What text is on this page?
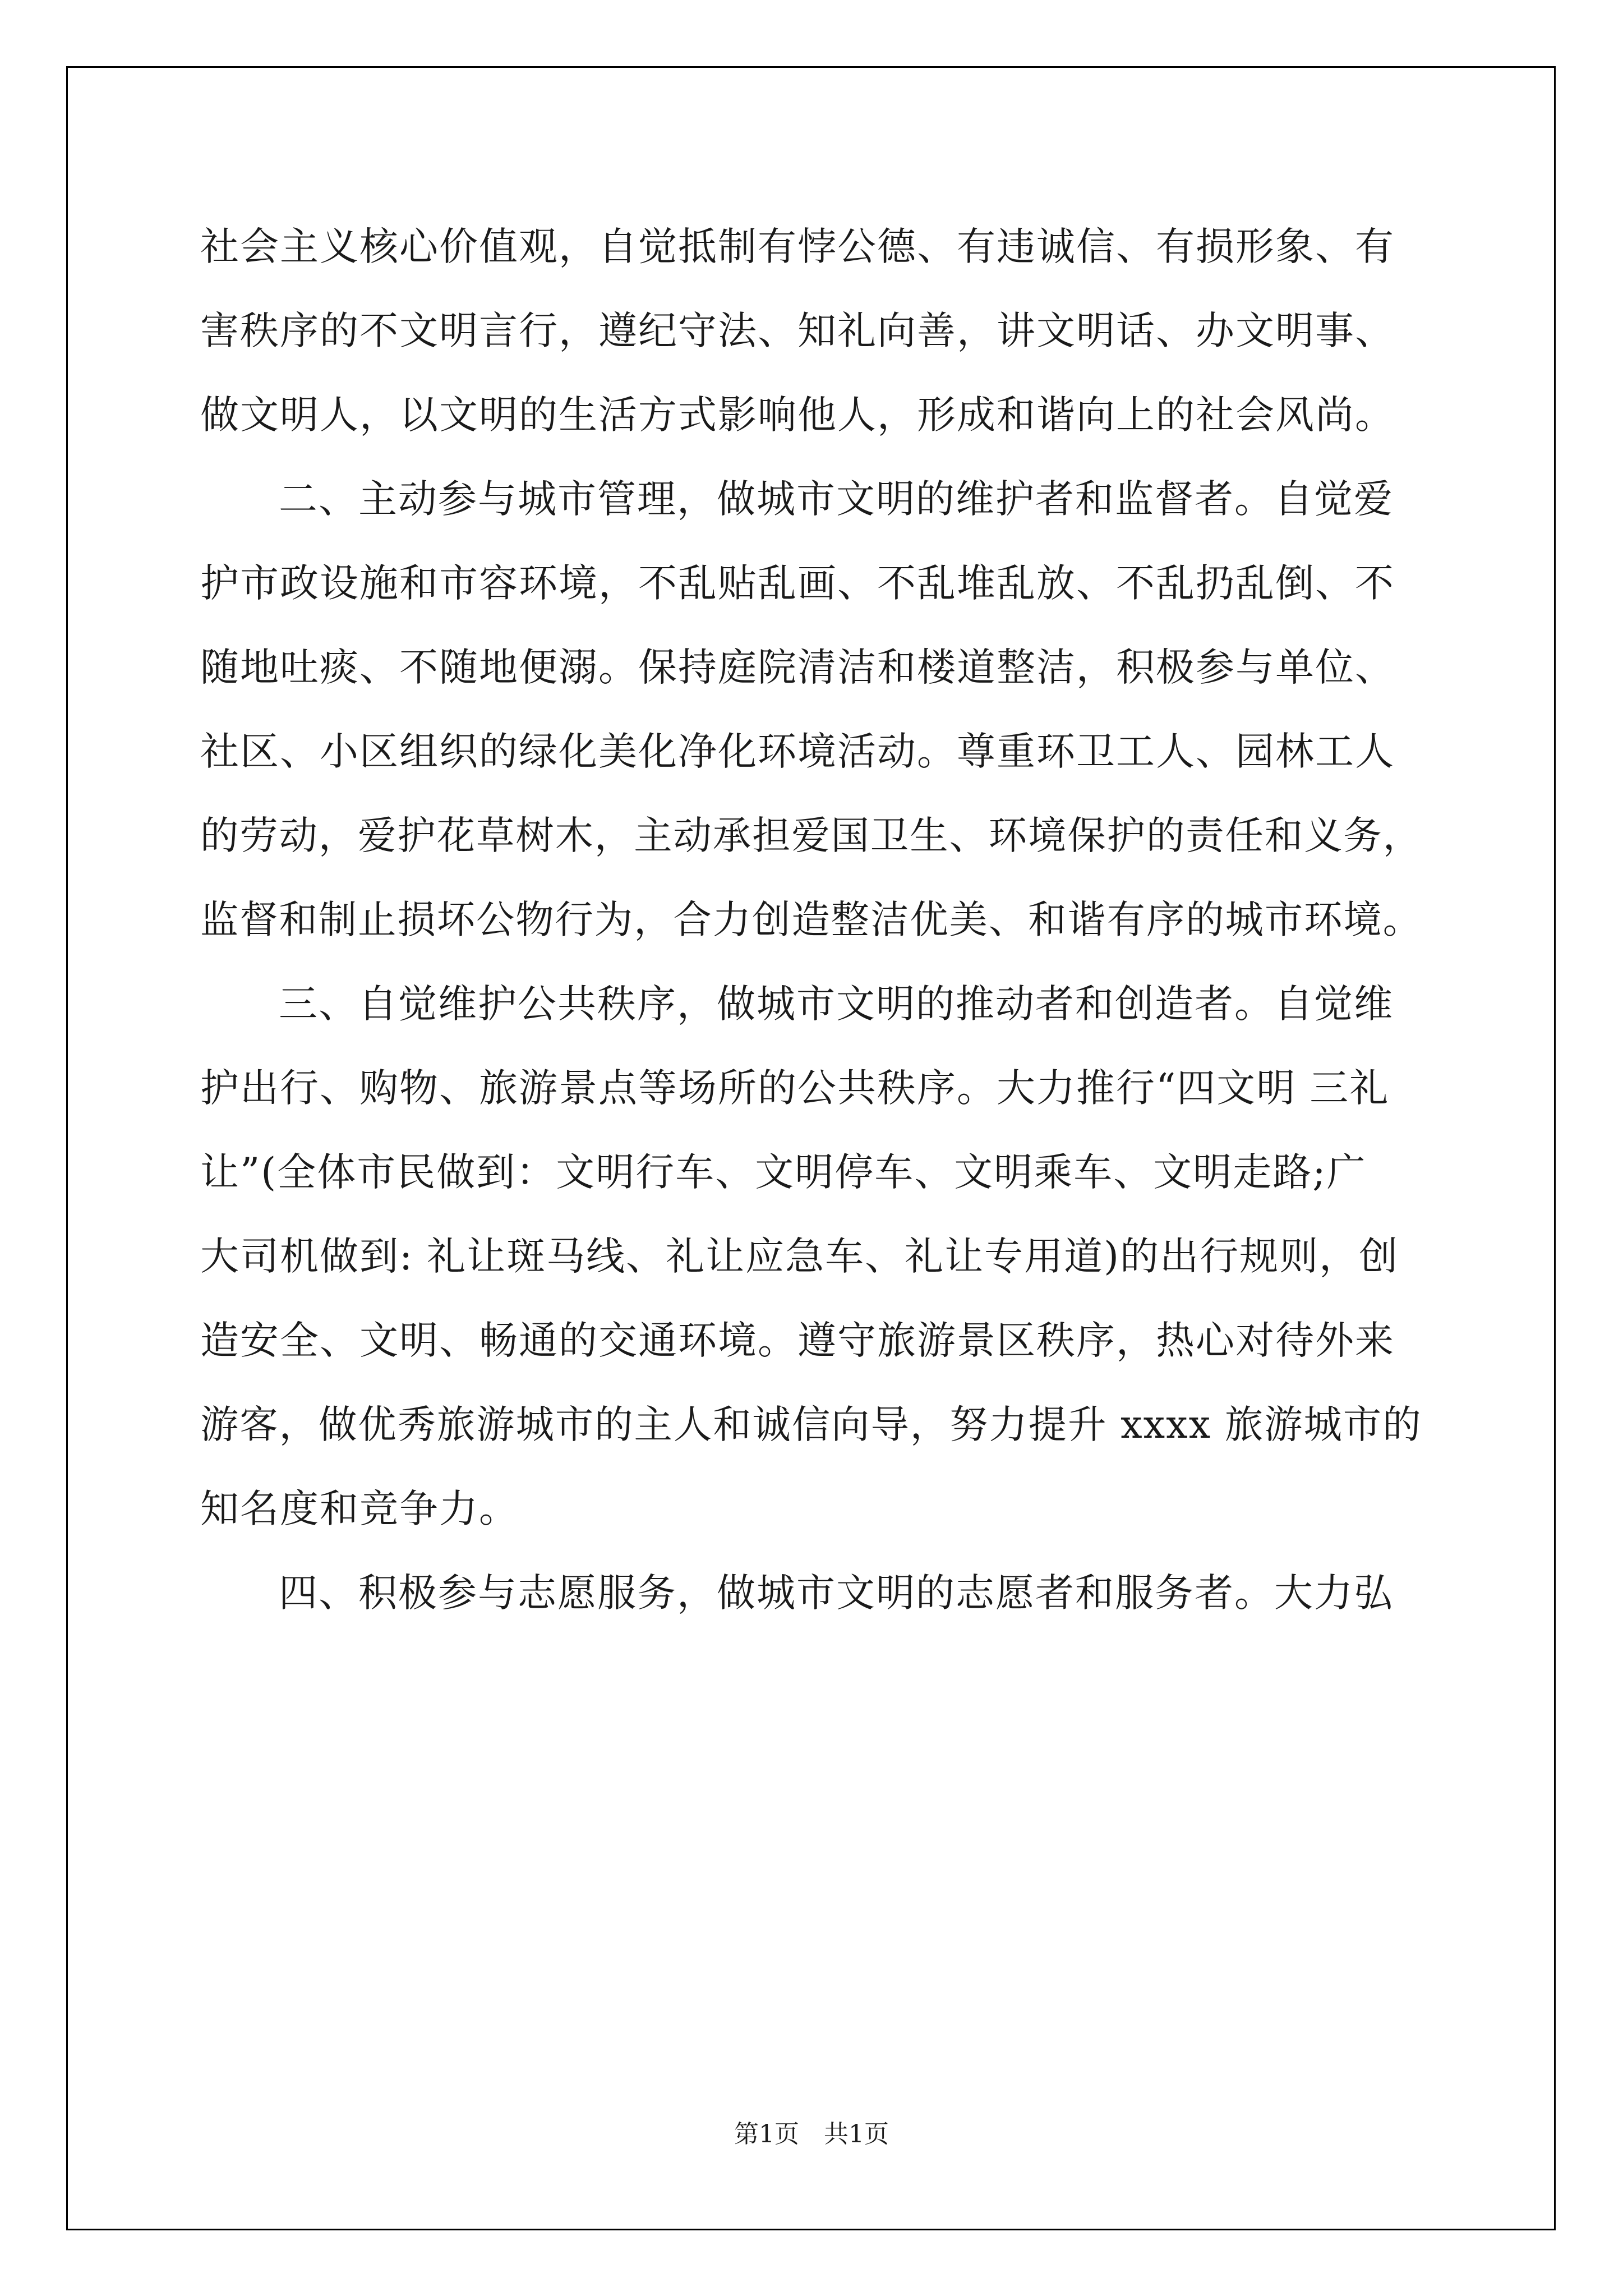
社会主义核心价值观，自觉抵制有悖公德、有违诚信、有损形象、有
害秩序的不文明言行，遵纪守法、知礼向善，讲文明话、办文明事、
做文明人，以文明的生活方式影响他人，形成和谐向上的社会风尚。
二、主动参与城市管理，做城市文明的维护者和监督者。自觉爱
护市政设施和市容环境，不乱贴乱画、不乱堆乱放、不乱扔乱倒、不
随地吐痰、不随地便溺。保持庭院清洁和楼道整洁，积极参与单位、
社区、小区组织的绿化美化净化环境活动。尊重环卫工人、园林工人
的劳动，爱护花草树木，主动承担爱国卫生、环境保护的责任和义务，
监督和制止损坏公物行为，合力创造整洁优美、和谐有序的城市环境。
三、自觉维护公共秩序，做城市文明的推动者和创造者。自觉维
护出行、购物、旅游景点等场所的公共秩序。大力推行“四文明 三礼
让”(全体市民做到：文明行车、文明停车、文明乘车、文明走路;广
大司机做到: 礼让斑马线、礼让应急车、礼让专用道)的出行规则，创
造安全、文明、畅通的交通环境。遵守旅游景区秩序，热心对待外来
游客，做优秀旅游城市的主人和诚信向导，努力提升 xxxx 旅游城市的
知名度和竞争力。
四、积极参与志愿服务，做城市文明的志愿者和服务者。大力弘
第1页　共1页
